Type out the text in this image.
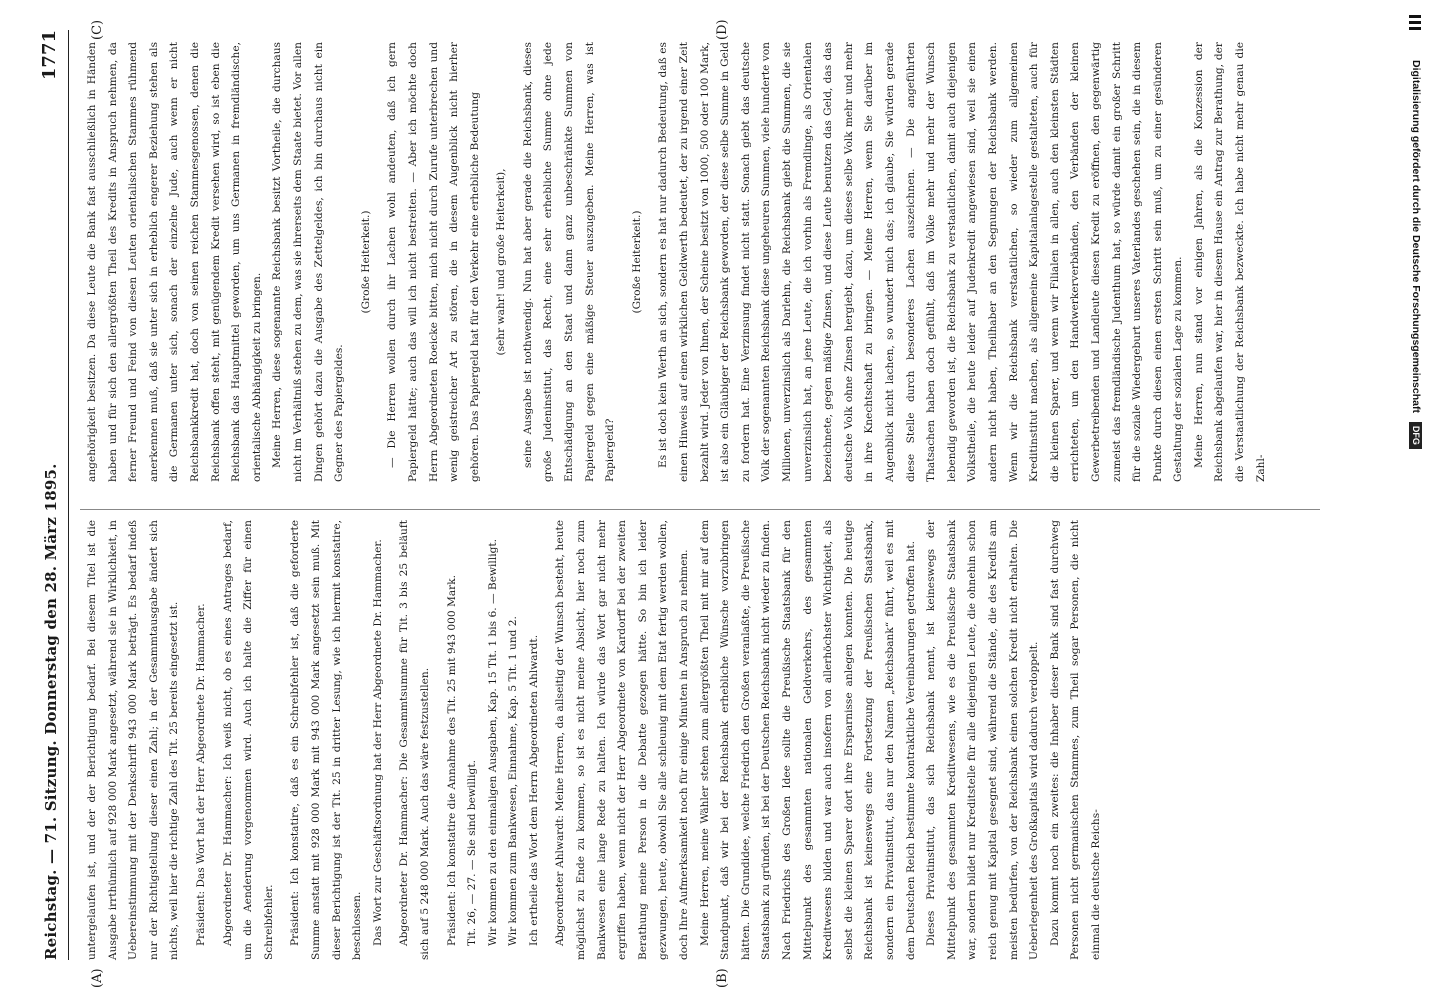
Reichstag. — 71. Sitzung. Donnerstag den 28. März 1895.
1771
(A)	(B)
(C)	(D)

untergelaufen ist, und der der Berichtigung bedarf. Bei diesem Titel ist die Ausgabe irrthümlich auf 928 000 Mark angesetzt, während sie in Wirklichkeit, in Uebereinstimmung mit der Denkschrift 943 000 Mark beträgt. Es bedarf indeß nur der Richtigstellung dieser einen Zahl; in der Gesammtausgabe ändert sich nichts, weil hier die richtige Zahl des Tit. 25 bereits eingesetzt ist.	Präsident: Das Wort hat der Herr Abgeordnete Dr. Hammacher.	Abgeordneter Dr. Hammacher: Ich weiß nicht, ob es eines Antrages bedarf, um die Aenderung vorgenommen wird. Auch ich halte die Ziffer für einen Schreibfehler.	Präsident: Ich konstatire, daß es ein Schreibfehler ist, daß die geforderte Summe anstatt mit 928 000 Mark mit 943 000 Mark angesetzt sein muß. Mit dieser Berichtigung ist der Tit. 25 in dritter Lesung, wie ich hiermit konstatire, beschlossen. Das Wort zur Geschäftsordnung hat der Herr Abgeordnete Dr. Hammacher.	Abgeordneter Dr. Hammacher: Die Gesammtsumme für Tit. 3 bis 25 beläuft sich auf 5 248 000 Mark. Auch das wäre festzustellen.	Präsident: Ich konstatire die Annahme des Tit. 25 mit 943 000 Mark. Tit. 26, — 27. — Sie sind bewilligt. Wir kommen zu den einmaligen Ausgaben, Kap. 15 Tit. 1 bis 6. — Bewilligt. Wir kommen zum Bankwesen, Einnahme, Kap. 5 Tit. 1 und 2. Ich ertheile das Wort dem Herrn Abgeordneten Ahlwardt.	Abgeordneter Ahlwardt: Meine Herren, da allseitig der Wunsch besteht, heute möglichst zu Ende zu kommen, so ist es nicht meine Absicht, hier noch zum Bankwesen eine lange Rede zu halten. Ich würde das Wort gar nicht mehr ergriffen haben, wenn nicht der Herr Abgeordnete von Kardorff bei der zweiten Berathung meine Person in die Debatte gezogen hätte. So bin ich leider gezwungen, heute, obwohl Sie alle schleunig mit dem Etat fertig werden wollen, doch Ihre Aufmerksamkeit noch für einige Minuten in Anspruch zu nehmen. Meine Herren, meine Wähler stehen zum allergrößten Theil mit mir auf dem Standpunkt, daß wir bei der Reichsbank erhebliche Wünsche vorzubringen hätten. Die Grundidee, welche Friedrich den Großen veranlaßte, die Preußische Staatsbank zu gründen, ist bei der Deutschen Reichsbank nicht wieder zu finden. Nach Friedrichs des Großen Idee sollte die Preußische Staatsbank für den Mittelpunkt des gesammten nationalen Geldverkehrs, des gesammten Kreditwesens bilden und war auch insofern von allerhöchster Wichtigkeit, als selbst die kleinen Sparer dort ihre Ersparnisse anlegen konnten. Die heutige Reichsbank ist keineswegs eine Fortsetzung der Preußischen Staatsbank, sondern ein Privatinstitut, das nur den Namen „Reichsbank“ führt, weil es mit dem Deutschen Reich bestimmte kontraktliche Vereinbarungen getroffen hat. Dieses Privatinstitut, das sich Reichsbank nennt, ist keineswegs der Mittelpunkt des gesammten Kreditwesens, wie es die Preußische Staatsbank war, sondern bildet nur Kreditstelle für alle diejenigen Leute, die ohnehin schon reich genug mit Kapital gesegnet sind, während die Stände, die des Kredits am meisten bedürfen, von der Reichsbank einen solchen Kredit nicht erhalten. Die Ueberlegenheit des Großkapitals wird dadurch verdoppelt. Dazu kommt noch ein zweites: die Inhaber dieser Bank sind fast durchweg Personen nicht germanischen Stammes, zum Theil sogar Personen, die nicht einmal die deutsche Reichs-

angehörigkeit besitzen. Da diese Leute die Bank fast ausschließlich in Händen haben und für sich den allergrößten Theil des Kredits in Anspruch nehmen, da ferner Freund und Feind von diesen Leuten orientalischen Stammes rühmend anerkennen muß, daß sie unter sich in erheblich engerer Beziehung stehen als die Germanen unter sich, sonach der einzelne Jude, auch wenn er nicht Reichsbankkredit hat, doch von seinen reichen Stammesgenossen, denen die Reichsbank offen steht, mit genügendem Kredit versehen wird, so ist eben die Reichsbank das Hauptmittel geworden, um uns Germanen in fremdländische, orientalische Abhängigkeit zu bringen. Meine Herren, diese sogenannte Reichsbank besitzt Vortheile, die durchaus nicht im Verhältniß stehen zu dem, was sie ihrerseits dem Staate bietet. Vor allen Dingen gehört dazu die Ausgabe des Zettelgeldes, ich bin durchaus nicht ein Gegner des Papiergeldes.

(Große Heiterkeit.)	— Die Herren wollen durch ihr Lachen wohl andeuten, daß ich gern Papiergeld hätte; auch das will ich nicht bestreiten. — Aber ich möchte doch Herrn Abgeordneten Roeicke bitten, mich nicht durch Zurufe unterbrechen und wenig geistreicher Art zu stören, die in diesem Augenblick nicht hierher gehören. Das Papiergeld hat für den Verkehr eine erhebliche Bedeutung	(sehr wahr! und große Heiterkeit),	seine Ausgabe ist nothwendig. Nun hat aber gerade die Reichsbank, dieses große Judeninstitut, das Recht, eine sehr erhebliche Summe ohne jede Entschädigung an den Staat und dann ganz unbeschränkte Summen von Papiergeld gegen eine mäßige Steuer auszugeben. Meine Herren, was ist Papiergeld?

(Große Heiterkeit.)	Es ist doch kein Werth an sich, sondern es hat nur dadurch Bedeutung, daß es einen Hinweis auf einen wirklichen Geldwerth bedeutet, der zu irgend einer Zeit bezahlt wird. Jeder von Ihnen, der Scheine besitzt von 1000, 500 oder 100 Mark, ist also ein Gläubiger der Reichsbank geworden, der diese selbe Summe in Geld zu fordern hat. Eine Verzinsung findet nicht statt. Sonach giebt das deutsche Volk der sogenannten Reichsbank diese ungeheuren Summen, viele hunderte von Millionen, unverzinslich als Darlehn, die Reichsbank giebt die Summen, die sie unverzinslich hat, an jene Leute, die ich vorhin als Fremdlinge, als Orientalen bezeichnete, gegen mäßige Zinsen, und diese Leute benutzen das Geld, das das deutsche Volk ohne Zinsen hergiebt, dazu, um dieses selbe Volk mehr und mehr in ihre Knechtschaft zu bringen. — Meine Herren, wenn Sie darüber im Augenblick nicht lachen, so wundert mich das; ich glaube, Sie würden gerade diese Stelle durch besonderes Lachen auszeichnen. — Die angeführten Thatsachen haben doch gefühlt, daß im Volke mehr und mehr der Wunsch lebendig geworden ist, die Reichsbank zu verstaatlichen, damit auch diejenigen Volkstheile, die heute leider auf Judenkredit angewiesen sind, weil sie einen andern nicht haben, Theilhaber an den Segnungen der Reichsbank werden. Wenn wir die Reichsbank verstaatlichen, so wieder zum allgemeinen Kreditinstitut machen, als allgemeine Kapitalanlagestelle gestalteten, auch für die kleinen Sparer, und wenn wir Filialen in allen, auch den kleinsten Städten errichteten, um den Handwerkerverbänden, den Verbänden der kleinen Gewerbetreibenden und Landleute diesen Kredit zu eröffnen, den gegenwärtig zumeist das fremdländische Judenthum hat, so würde damit ein großer Schritt für die soziale Wiedergeburt unseres Vaterlandes geschehen sein, die in diesem Punkte durch diesen einen ersten Schritt sein muß, um zu einer gesünderen Gestaltung der sozialen Lage zu kommen. Meine Herren, nun stand vor einigen Jahren, als die Konzession der Reichsbank abgelaufen war, hier in diesem Hause ein Antrag zur Berathung, der die Verstaatlichung der Reichsbank bezweckte. Ich habe nicht mehr genau die Zahl-

Digitalisierung gefördert durch die Deutsche Forschungsgemeinschaft DFG
